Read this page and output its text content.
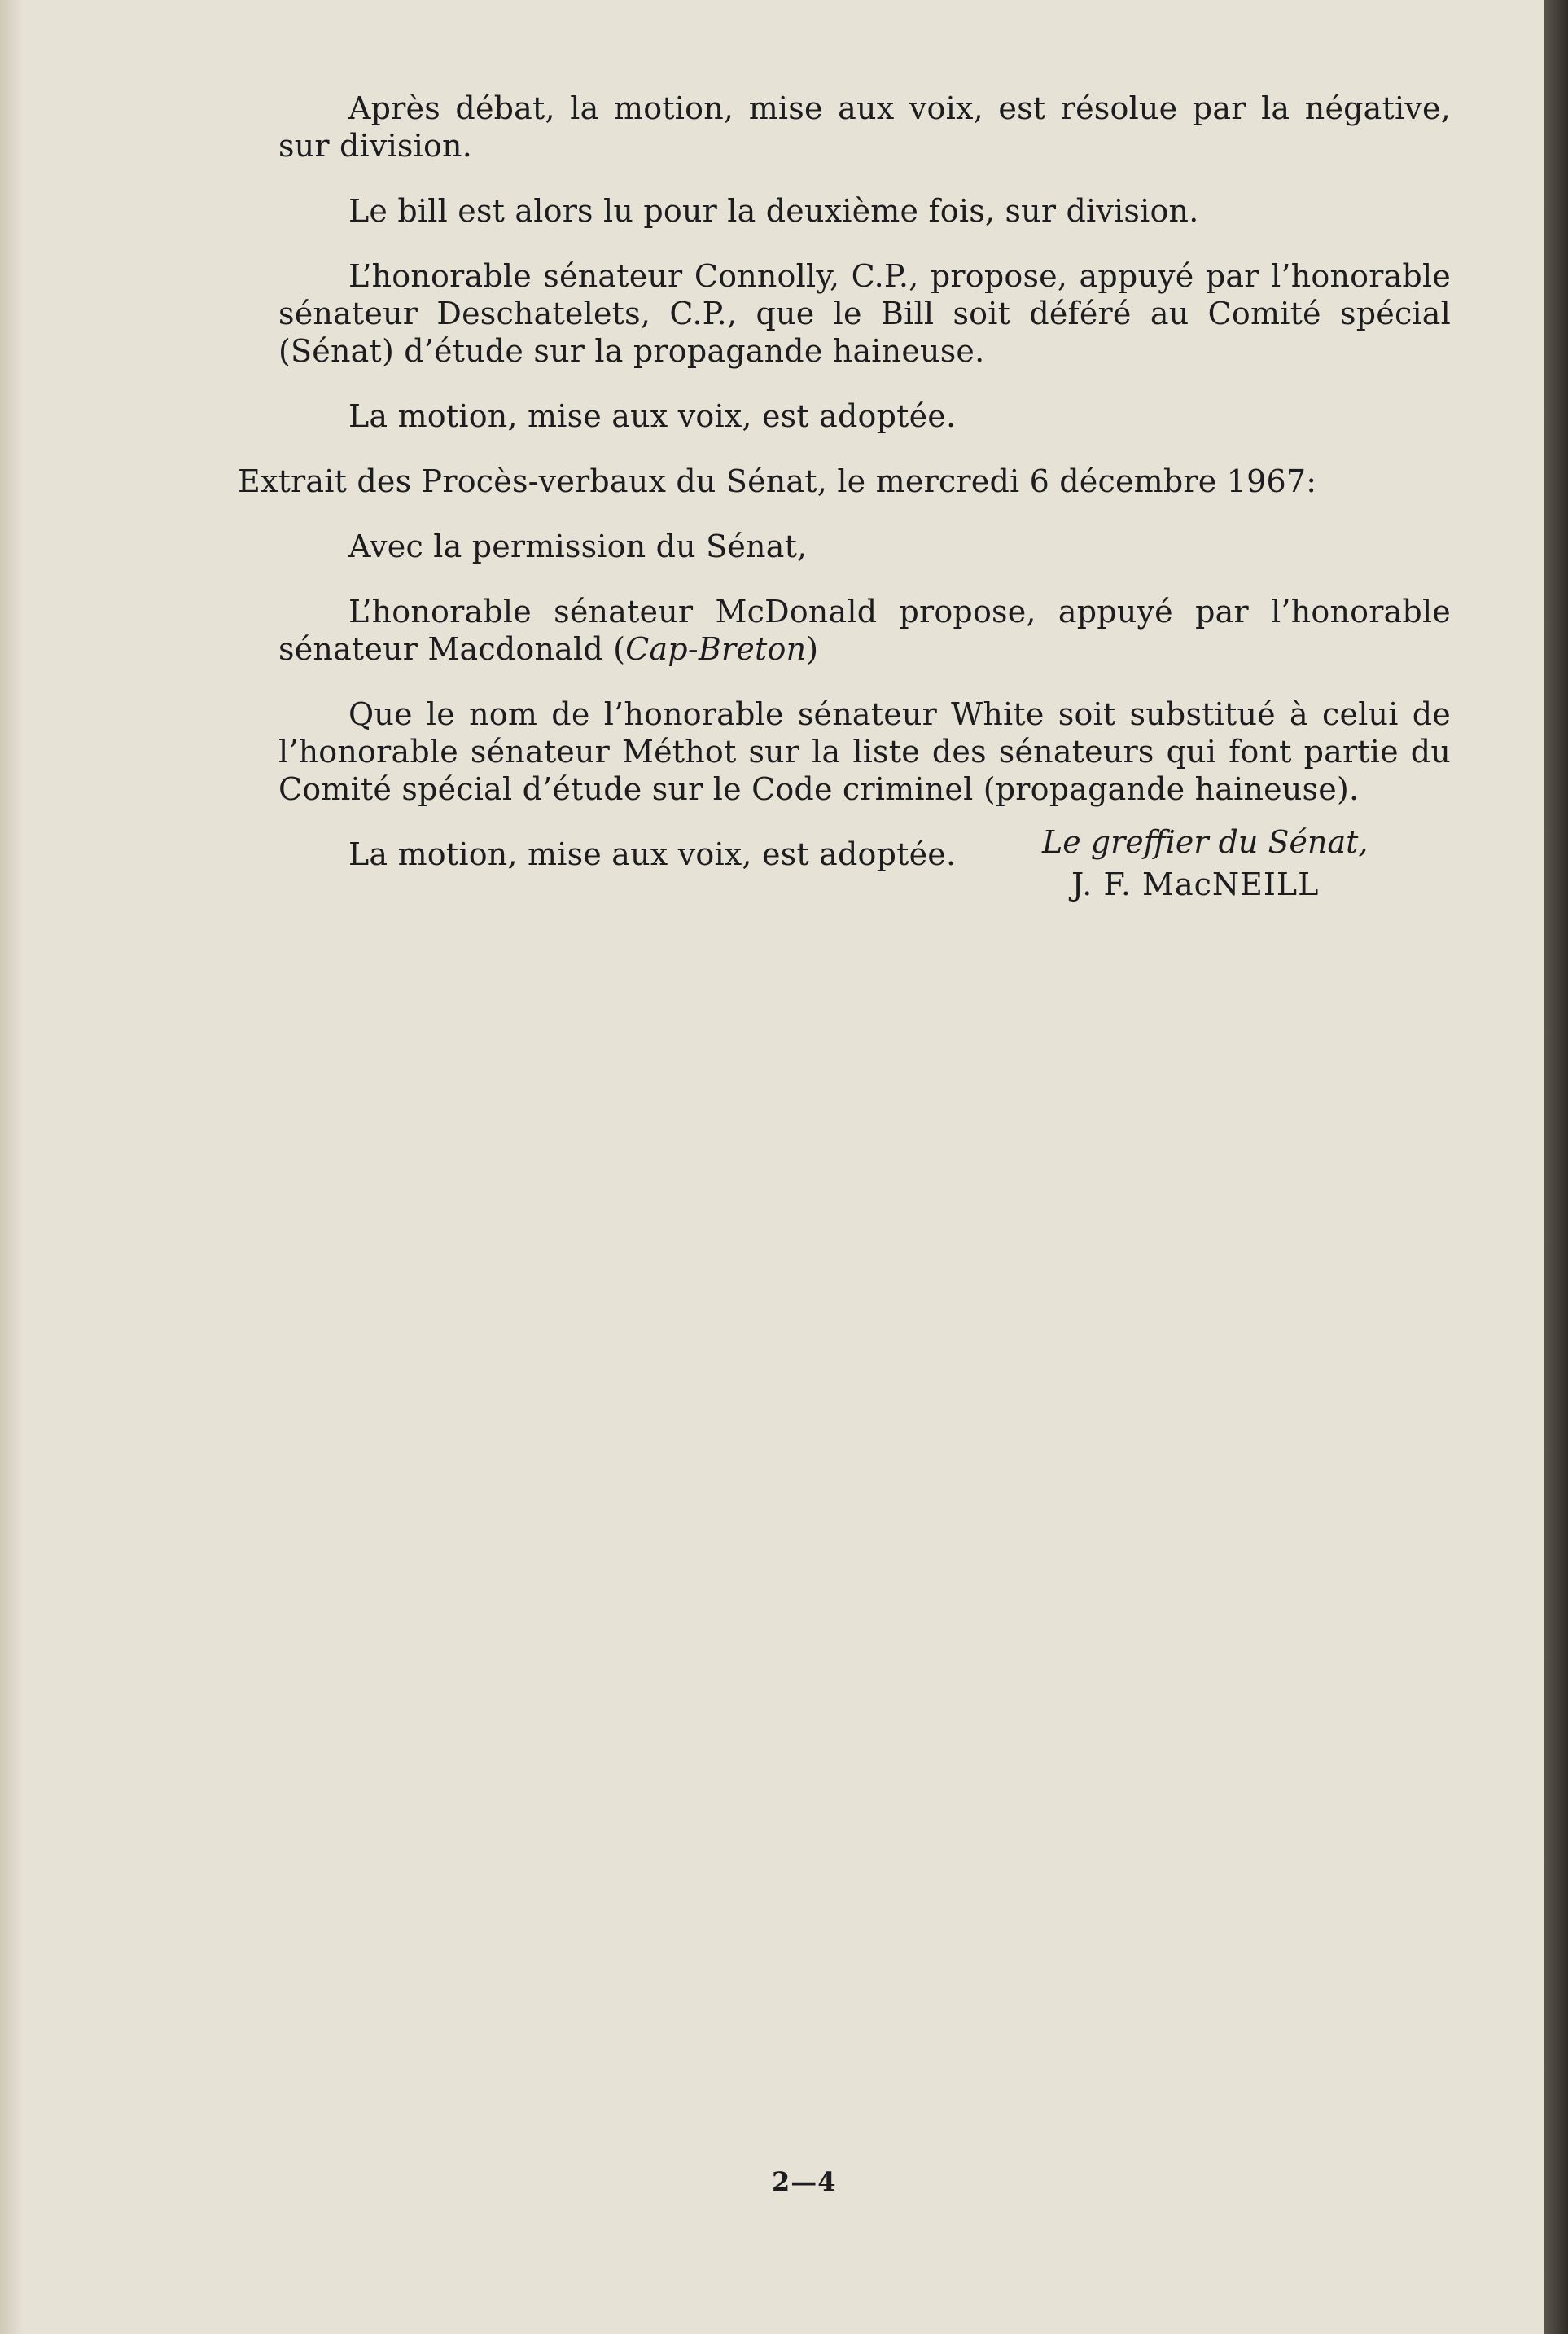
Après débat, la motion, mise aux voix, est résolue par la négative, sur division.

Le bill est alors lu pour la deuxième fois, sur division.

L’honorable sénateur Connolly, C.P., propose, appuyé par l’honorable sénateur Deschatelets, C.P., que le Bill soit déféré au Comité spécial (Sénat) d’étude sur la propagande haineuse.

La motion, mise aux voix, est adoptée.

Extrait des Procès-verbaux du Sénat, le mercredi 6 décembre 1967:

Avec la permission du Sénat,

L’honorable sénateur McDonald propose, appuyé par l’honorable sénateur Macdonald (Cap-Breton)

Que le nom de l’honorable sénateur White soit substitué à celui de l’honorable sénateur Méthot sur la liste des sénateurs qui font partie du Comité spécial d’étude sur le Code criminel (propagande haineuse).

La motion, mise aux voix, est adoptée.	Le greffier du Sénat,
J. F. MacNEILL
2—4
